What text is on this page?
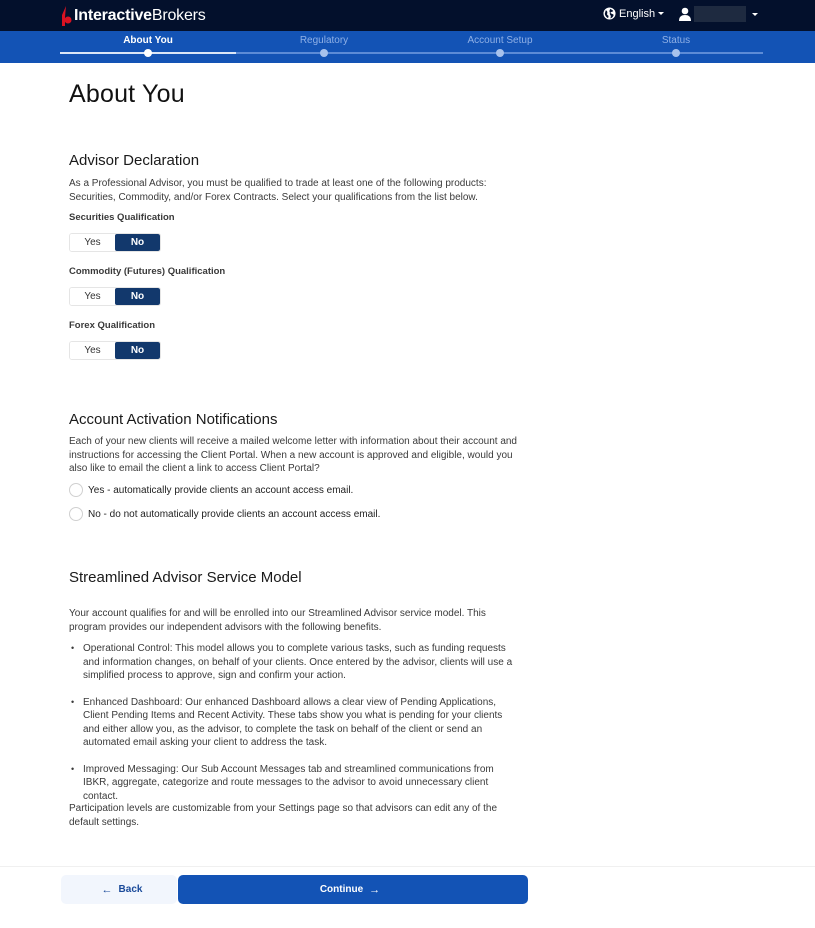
InteractiveBrokers	English
About You	Regulatory	Account Setup	Status
About You
Advisor Declaration

As a Professional Advisor, you must be qualified to trade at least one of the following products: Securities, Commodity, and/or Forex Contracts. Select your qualifications from the list below.

Securities Qualification
Yes	No
Commodity (Futures) Qualification
Yes	No
Forex Qualification
Yes	No
Account Activation Notifications

Each of your new clients will receive a mailed welcome letter with information about their account and instructions for accessing the Client Portal. When a new account is approved and eligible, would you also like to email the client a link to access Client Portal?

Yes - automatically provide clients an account access email.
No - do not automatically provide clients an account access email.
Streamlined Advisor Service Model

Your account qualifies for and will be enrolled into our Streamlined Advisor service model. This program provides our independent advisors with the following benefits.

• Operational Control: This model allows you to complete various tasks, such as funding requests and information changes, on behalf of your clients. Once entered by the advisor, clients will use a simplified process to approve, sign and confirm your action.
• Enhanced Dashboard: Our enhanced Dashboard allows a clear view of Pending Applications, Client Pending Items and Recent Activity. These tabs show you what is pending for your clients and either allow you, as the advisor, to complete the task on behalf of the client or send an automated email asking your client to address the task.
• Improved Messaging: Our Sub Account Messages tab and streamlined communications from IBKR, aggregate, categorize and route messages to the advisor to avoid unnecessary client contact.

Participation levels are customizable from your Settings page so that advisors can edit any of the default settings.

← Back	Continue →
